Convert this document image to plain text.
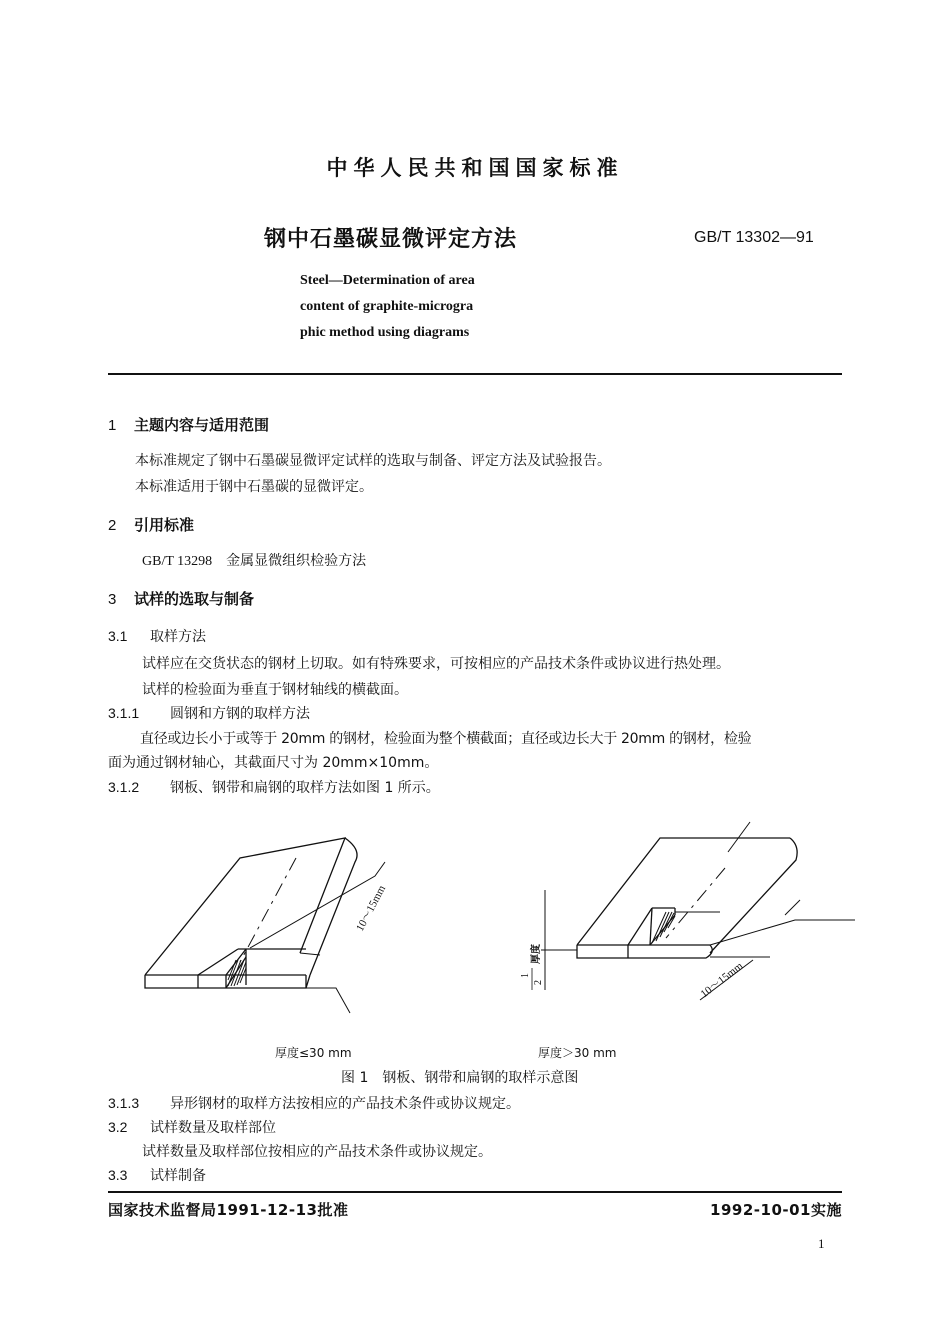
中华人民共和国国家标准
钢中石墨碳显微评定方法	GB/T 13302—91
Steel—Determination of area
content of graphite-microgra
phic method using diagrams
1 主题内容与适用范围
本标准规定了钢中石墨碳显微评定试样的选取与制备、评定方法及试验报告。
本标准适用于钢中石墨碳的显微评定。
2 引用标准
GB/T 13298 金属显微组织检验方法
3 试样的选取与制备
3.1 取样方法
试样应在交货状态的钢材上切取。如有特殊要求，可按相应的产品技术条件或协议进行热处理。
试样的检验面为垂直于钢材轴线的横截面。
3.1.1 圆钢和方钢的取样方法
直径或边长小于或等于 20mm 的钢材，检验面为整个横截面；直径或边长大于 20mm 的钢材，检验
面为通过钢材轴心，其截面尺寸为 20mm×10mm。
3.1.2 钢板、钢带和扁钢的取样方法如图 1 所示。
10～15mm
10～15mm
1
2
厚度
厚度≤30 mm	厚度＞30 mm
图 1　钢板、钢带和扁钢的取样示意图
3.1.3 异形钢材的取样方法按相应的产品技术条件或协议规定。
3.2 试样数量及取样部位
试样数量及取样部位按相应的产品技术条件或协议规定。
3.3 试样制备
国家技术监督局1991-12-13批准	1992-10-01实施
1
